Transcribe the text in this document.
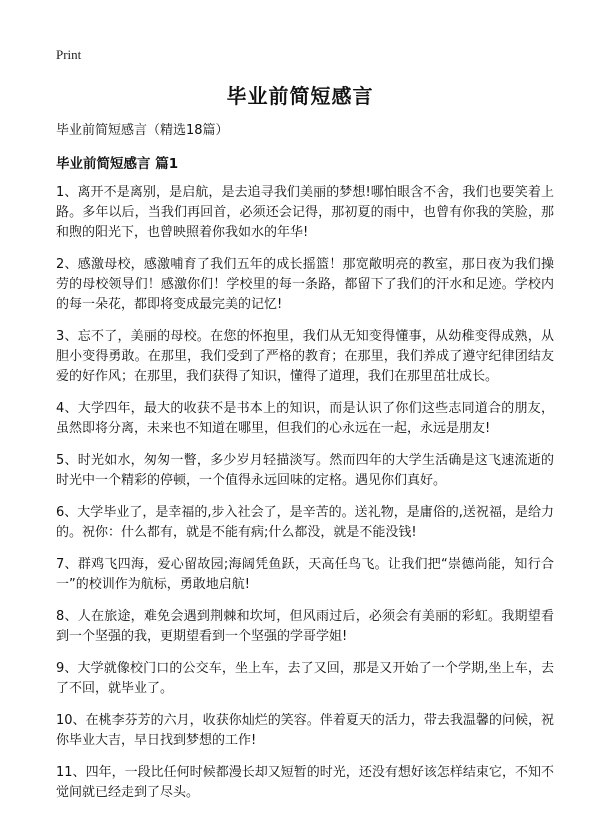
Print
毕业前简短感言

毕业前简短感言（精选18篇）

毕业前简短感言 篇1

1、离开不是离别，是启航，是去追寻我们美丽的梦想!哪怕眼含不舍，我们也要笑着上路。多年以后，当我们再回首，必须还会记得，那初夏的雨中，也曾有你我的笑脸，那和煦的阳光下，也曾映照着你我如水的年华!

2、感激母校，感激哺育了我们五年的成长摇篮！那宽敞明亮的教室，那日夜为我们操劳的母校领导们！感激你们！学校里的每一条路，都留下了我们的汗水和足迹。学校内的每一朵花，都即将变成最完美的记忆!

3、忘不了，美丽的母校。在您的怀抱里，我们从无知变得懂事，从幼稚变得成熟，从胆小变得勇敢。在那里，我们受到了严格的教育；在那里，我们养成了遵守纪律团结友爱的好作风；在那里，我们获得了知识，懂得了道理，我们在那里茁壮成长。

4、大学四年，最大的收获不是书本上的知识，而是认识了你们这些志同道合的朋友，虽然即将分离，未来也不知道在哪里，但我们的心永远在一起，永远是朋友!

5、时光如水，匆匆一瞥，多少岁月轻描淡写。然而四年的大学生活确是这飞速流逝的时光中一个精彩的停顿，一个值得永远回味的定格。遇见你们真好。

6、大学毕业了，是幸福的,步入社会了，是辛苦的。送礼物，是庸俗的,送祝福，是给力的。祝你：什么都有，就是不能有病;什么都没，就是不能没钱!

7、群鸡飞四海，爱心留故园;海阔凭鱼跃，天高任鸟飞。让我们把“崇德尚能，知行合一”的校训作为航标，勇敢地启航!

8、人在旅途，难免会遇到荆棘和坎坷，但风雨过后，必须会有美丽的彩虹。我期望看到一个坚强的我，更期望看到一个坚强的学哥学姐!

9、大学就像校门口的公交车，坐上车，去了又回，那是又开始了一个学期,坐上车，去了不回，就毕业了。

10、在桃李芬芳的六月，收获你灿烂的笑容。伴着夏天的活力，带去我温馨的问候，祝你毕业大吉，早日找到梦想的工作!

11、四年，一段比任何时候都漫长却又短暂的时光，还没有想好该怎样结束它，不知不觉间就已经走到了尽头。
